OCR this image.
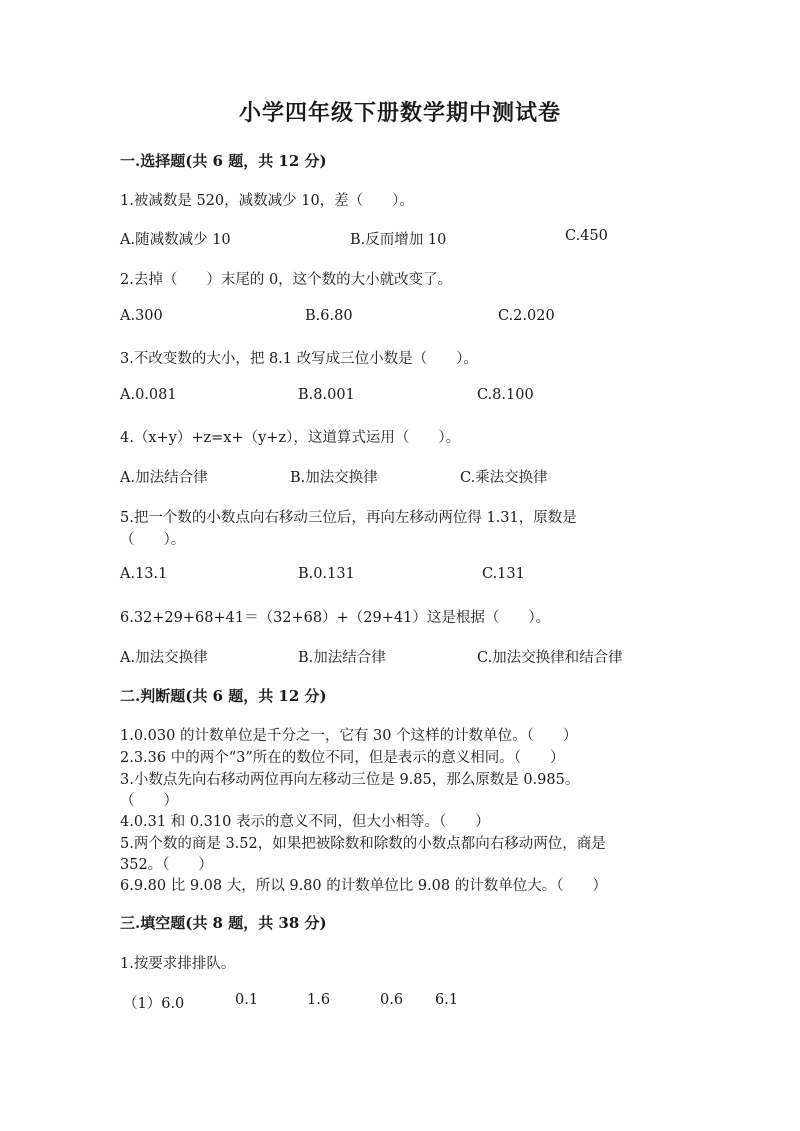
小学四年级下册数学期中测试卷
一.选择题(共 6 题，共 12 分)
1.被减数是 520，减数减少 10，差（　　）。
A.随减数减少 10	B.反而增加 10	C.450
2.去掉（　　）末尾的 0，这个数的大小就改变了。
A.300	B.6.80	C.2.020
3.不改变数的大小，把 8.1 改写成三位小数是（　　）。
A.0.081	B.8.001	C.8.100
4.（x+y）+z=x+（y+z），这道算式运用（　　）。
A.加法结合律	B.加法交换律	C.乘法交换律
5.把一个数的小数点向右移动三位后，再向左移动两位得 1.31，原数是
（　　）。
A.13.1	B.0.131	C.131
6.32+29+68+41＝（32+68）+（29+41）这是根据（　　）。
A.加法交换律	B.加法结合律	C.加法交换律和结合律
二.判断题(共 6 题，共 12 分)
1.0.030 的计数单位是千分之一，它有 30 个这样的计数单位。（　　）
2.3.36 中的两个“3”所在的数位不同，但是表示的意义相同。（　　）
3.小数点先向右移动两位再向左移动三位是 9.85，那么原数是 0.985。
（　　）
4.0.31 和 0.310 表示的意义不同，但大小相等。（　　）
5.两个数的商是 3.52，如果把被除数和除数的小数点都向右移动两位，商是
352。（　　）
6.9.80 比 9.08 大，所以 9.80 的计数单位比 9.08 的计数单位大。（　　）
三.填空题(共 8 题，共 38 分)
1.按要求排排队。
（1）6.0	0.1	1.6	0.6 6.1
